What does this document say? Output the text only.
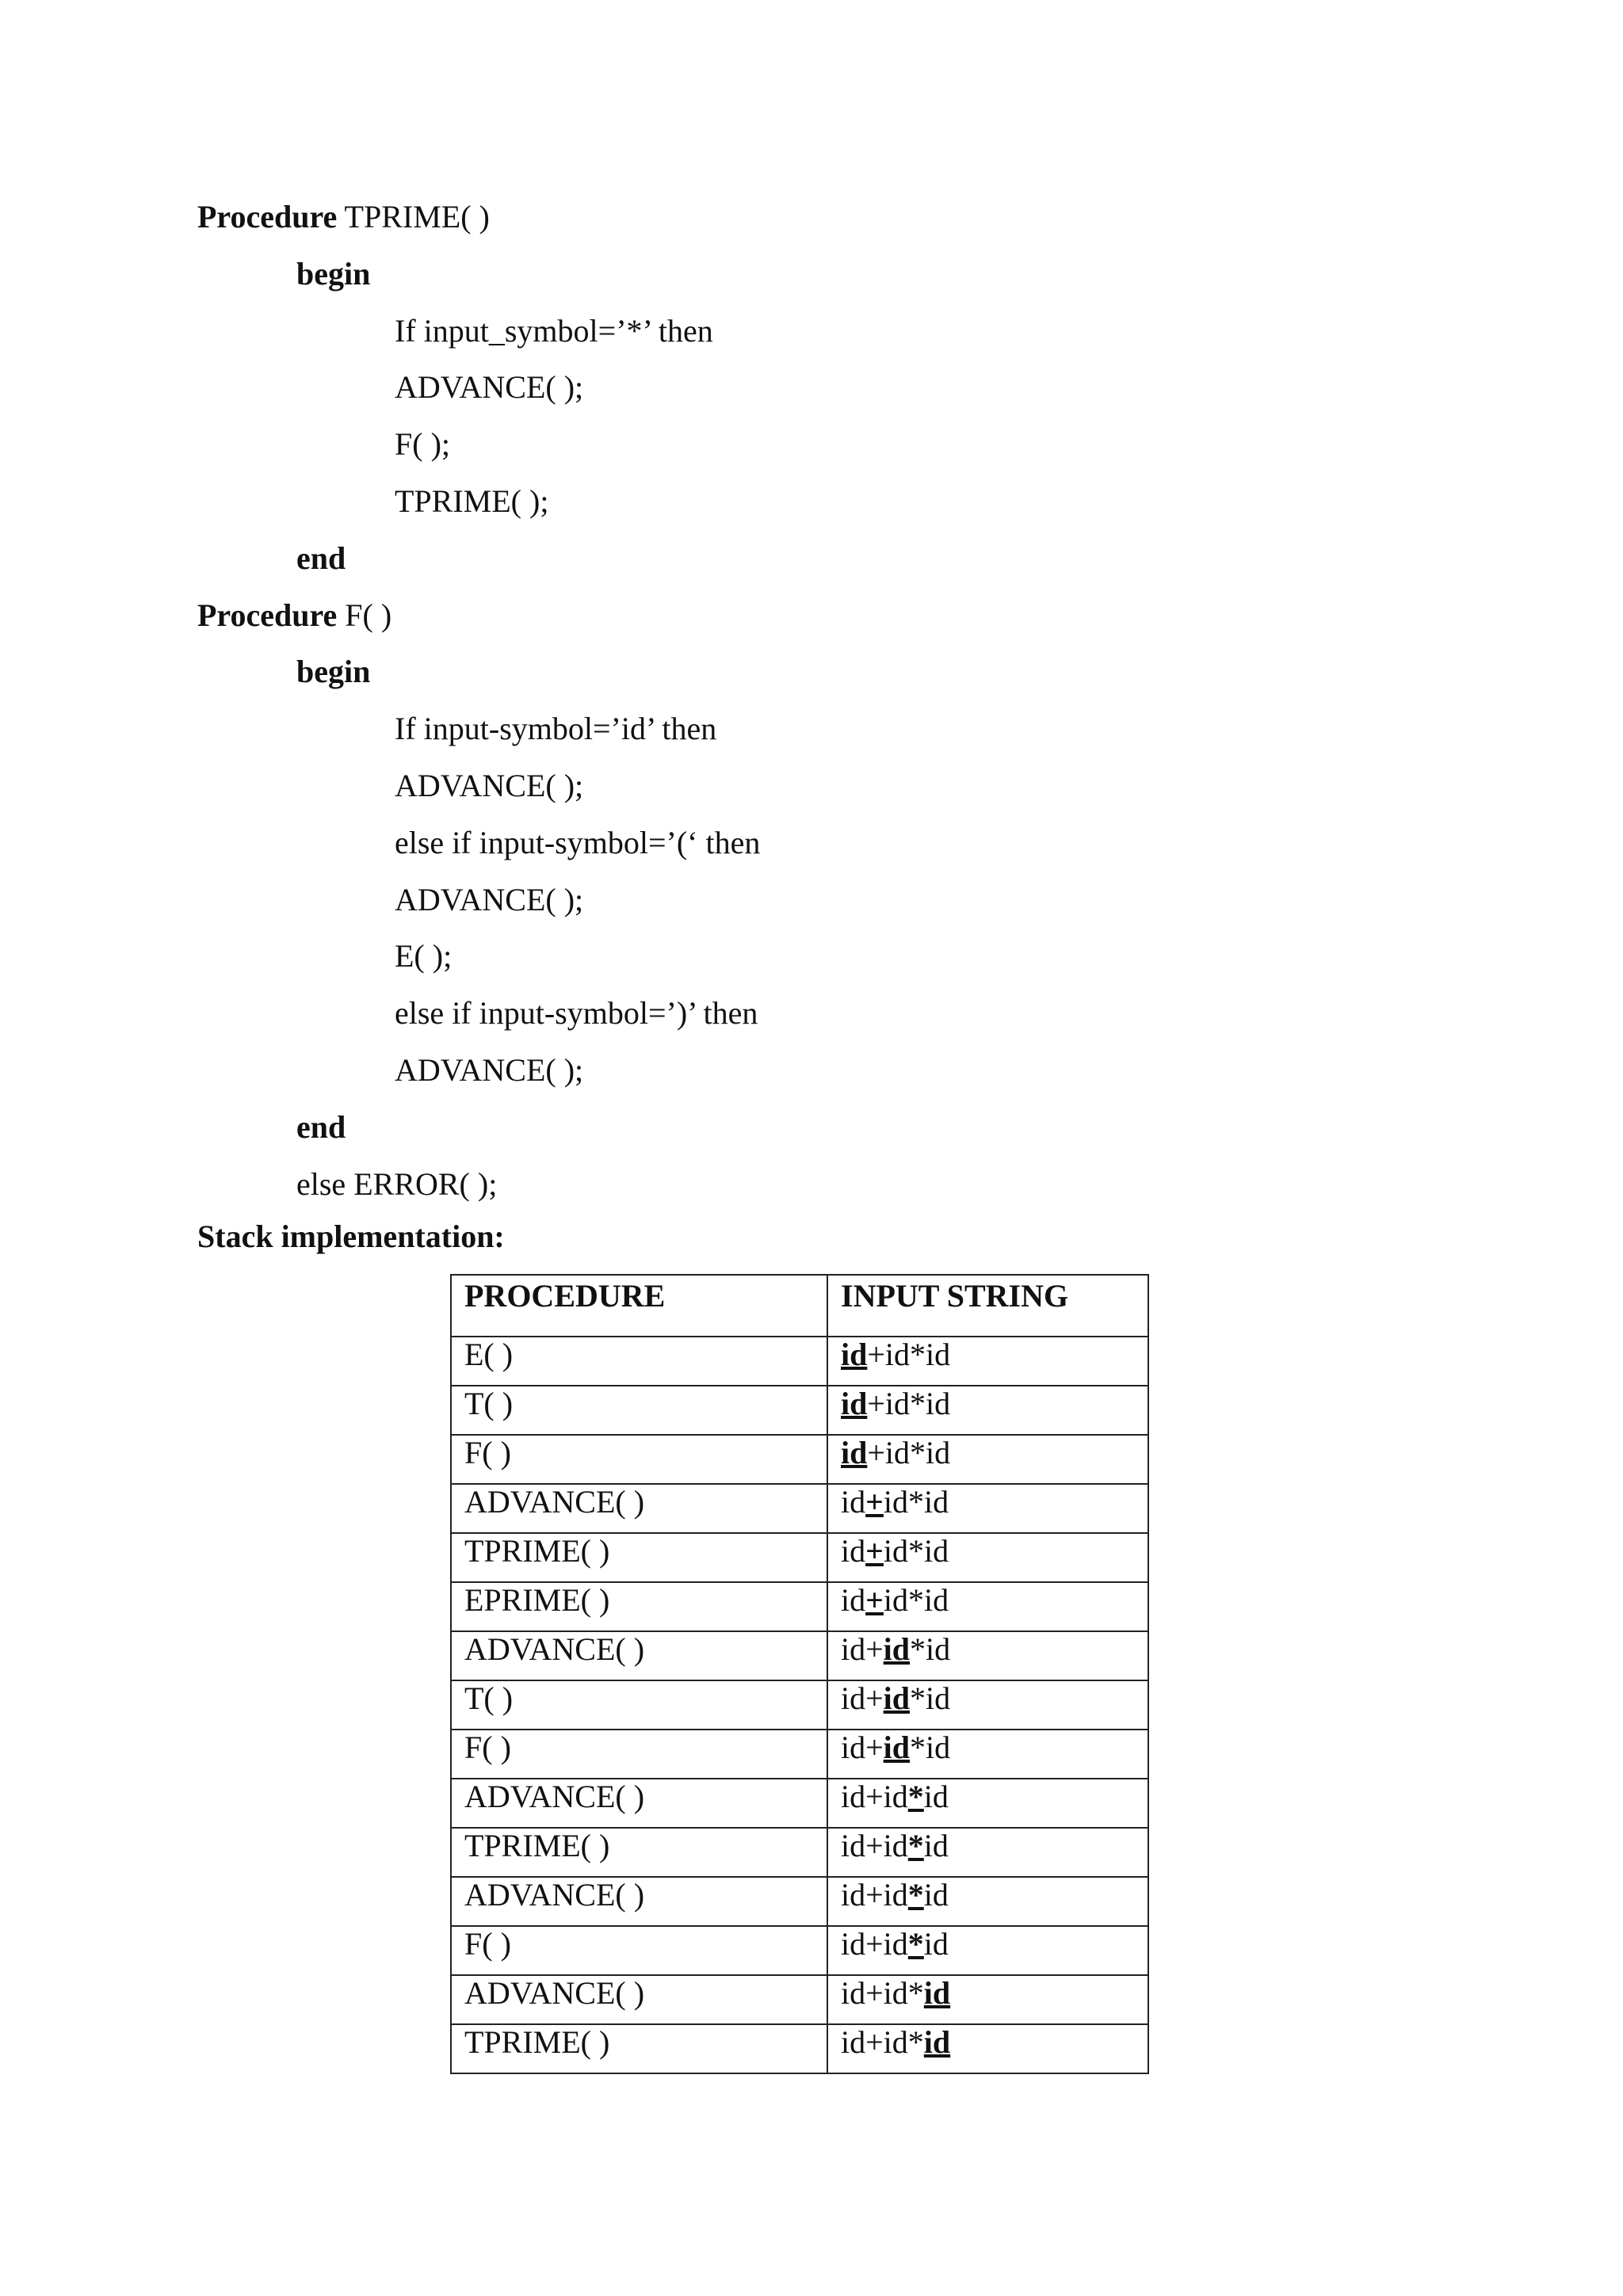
Procedure TPRIME( )
begin
If input_symbol=’*’ then
ADVANCE( );
F( );
TPRIME( );
end
Procedure F( )
begin
If input-symbol=’id’ then
ADVANCE( );
else if input-symbol=’(‘ then
ADVANCE( );
E( );
else if input-symbol=’)’ then
ADVANCE( );
end
else ERROR( );
Stack implementation:
PROCEDURE	INPUT STRING
E( )	id+id*id
T( )	id+id*id
F( )	id+id*id
ADVANCE( )	id+id*id
TPRIME( )	id+id*id
EPRIME( )	id+id*id
ADVANCE( )	id+id*id
T( )	id+id*id
F( )	id+id*id
ADVANCE( )	id+id*id
TPRIME( )	id+id*id
ADVANCE( )	id+id*id
F( )	id+id*id
ADVANCE( )	id+id*id
TPRIME( )	id+id*id
